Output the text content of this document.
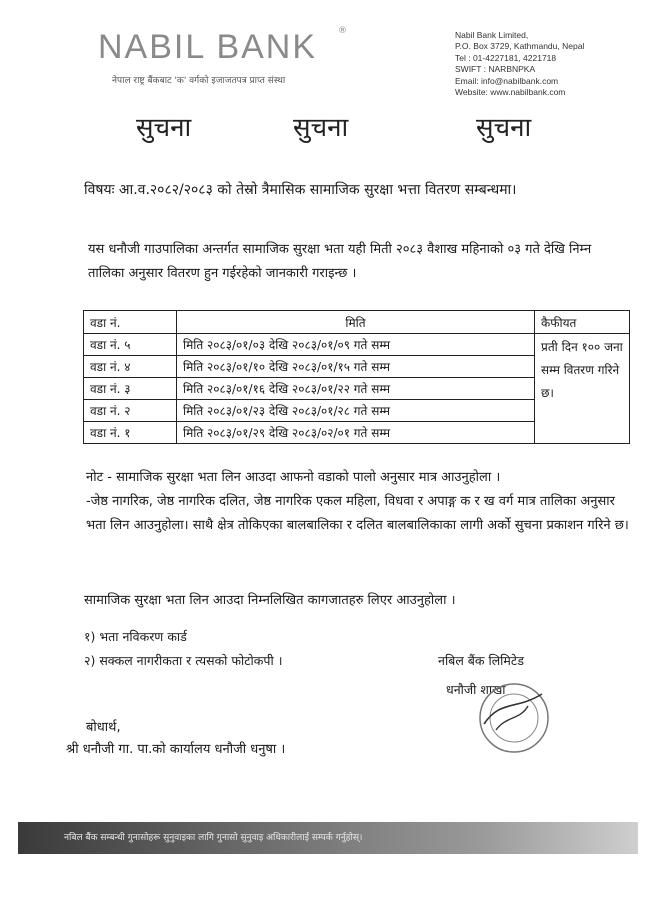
NABIL BANK ®
नेपाल राष्ट्र बैंकबाट 'क' वर्गको इजाजतपत्र प्राप्त संस्था
Nabil Bank Limited,
P.O. Box 3729, Kathmandu, Nepal
Tel : 01-4227181, 4221718
SWIFT : NARBNPKA
Email: info@nabilbank.com
Website: www.nabilbank.com
सुचना	सुचना	सुचना
विषयः आ.व.२०८२/२०८३ को तेस्रो त्रैमासिक सामाजिक सुरक्षा भत्ता वितरण सम्बन्धमा।
यस धनौजी गाउपालिका अन्तर्गत सामाजिक सुरक्षा भता यही मिती २०८३ वैशाख महिनाको ०३ गते देखि निम्न तालिका अनुसार वितरण हुन गईरहेको जानकारी गराइन्छ ।
वडा नं.	मिति	कैफीयत
वडा नं. ५	मिति २०८३/०१/०३ देखि २०८३/०१/०९ गते सम्म	प्रती दिन १०० जना सम्म वितरण गरिने छ।
वडा नं. ४	मिति २०८३/०१/१० देखि २०८३/०१/१५ गते सम्म	
वडा नं. ३	मिति २०८३/०१/१६ देखि २०८३/०१/२२ गते सम्म	
वडा नं. २	मिति २०८३/०१/२३ देखि २०८३/०१/२८ गते सम्म	
वडा नं. १	मिति २०८३/०१/२९ देखि २०८३/०२/०१ गते सम्म	
नोट - सामाजिक सुरक्षा भता लिन आउदा आफनो वडाको पालो अनुसार मात्र आउनुहोला ।
-जेष्ठ नागरिक, जेष्ठ नागरिक दलित, जेष्ठ नागरिक एकल महिला, विधवा र अपाङ्ग क र ख वर्ग मात्र तालिका अनुसार भता लिन आउनुहोला। साथै क्षेत्र तोकिएका बालबालिका र दलित बालबालिकाका लागी अर्को सुचना प्रकाशन गरिने छ।
सामाजिक सुरक्षा भता लिन आउदा निम्नलिखित कागजातहरु लिएर आउनुहोला ।
१) भता नविकरण कार्ड
२) सक्कल नागरीकता र त्यसको फोटोकपी ।	नबिल बैंक लिमिटेड
धनौजी शाखा
बोधार्थ,
श्री धनौजी गा. पा.को कार्यालय धनौजी धनुषा ।
नबिल बैंक सम्बन्धी गुनासोहरू सुनुवाइका लागि गुनासो सुनुवाइ अधिकारीलाई सम्पर्क गर्नुहोस्।
